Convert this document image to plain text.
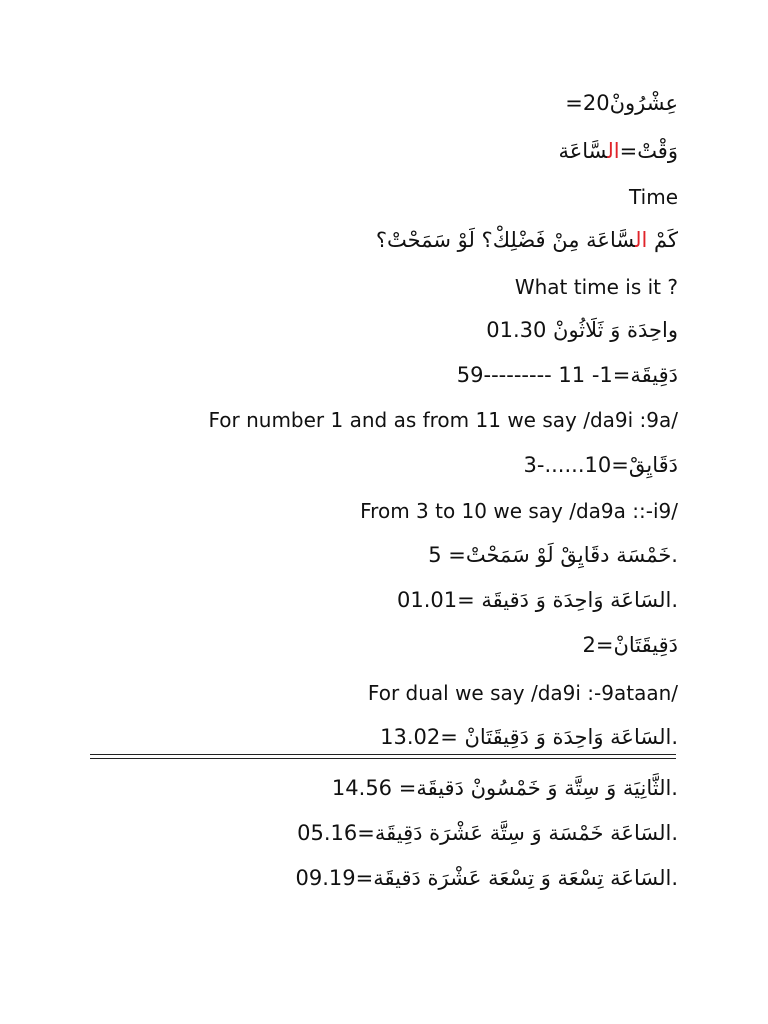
عِشْرُونْ20=
وَقْتْ=السَّاعَة
Time
كَمْ السَّاعَة مِنْ فَضْلِكْ؟ لَوْ سَمَحْتْ؟
What time is it ?
واحِدَة وَ ثَلَاثُونْ 01.30
دَقِيقَة=1- 11 ---------59
For number 1 and as from 11 we say /da9i :9a/
دَقَايِقْ=10......-3
From 3 to 10 we say /da9a ::-i9/
.خَمْسَة دقَايِقْ لَوْ سَمَحْتْ= 5
.السَاعَة وَاحِدَة وَ دَقيقَة =01.01
دَقِيقَتَانْ=2
For dual we say /da9i :-9ataan/
.السَاعَة وَاحِدَة وَ دَقِيقَتَانْ =13.02
.الثَّانِيَة وَ سِتَّة وَ خَمْسُونْ دَقيقَة= 14.56
.السَاعَة خَمْسَة وَ سِتَّة عَشْرَة دَقِيقَة=05.16
.السَاعَة تِسْعَة وَ تِسْعَة عَشْرَة دَقيقَة=09.19
